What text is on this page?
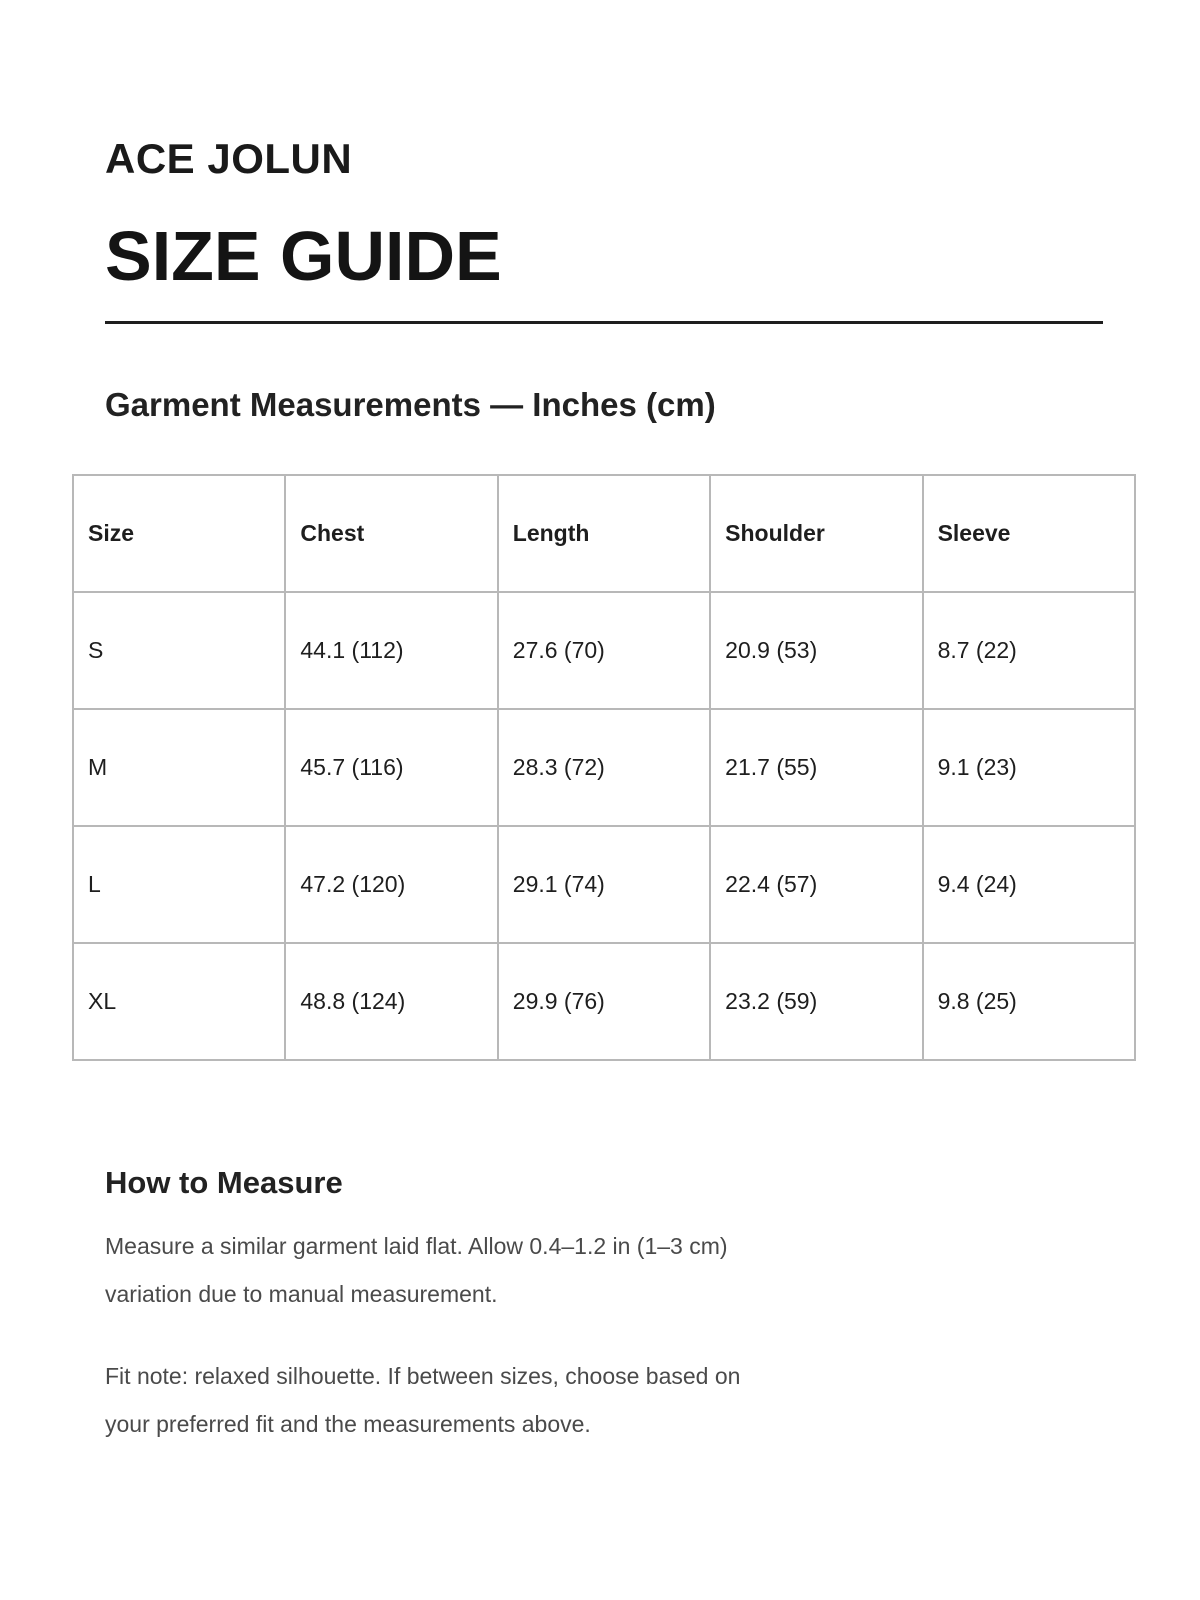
ACE JOLUN
SIZE GUIDE
Garment Measurements — Inches (cm)
Size	Chest	Length	Shoulder	Sleeve
S	44.1 (112)	27.6 (70)	20.9 (53)	8.7 (22)
M	45.7 (116)	28.3 (72)	21.7 (55)	9.1 (23)
L	47.2 (120)	29.1 (74)	22.4 (57)	9.4 (24)
XL	48.8 (124)	29.9 (76)	23.2 (59)	9.8 (25)
How to Measure

Measure a similar garment laid flat. Allow 0.4–1.2 in (1–3 cm) variation due to manual measurement.

Fit note: relaxed silhouette. If between sizes, choose based on your preferred fit and the measurements above.
